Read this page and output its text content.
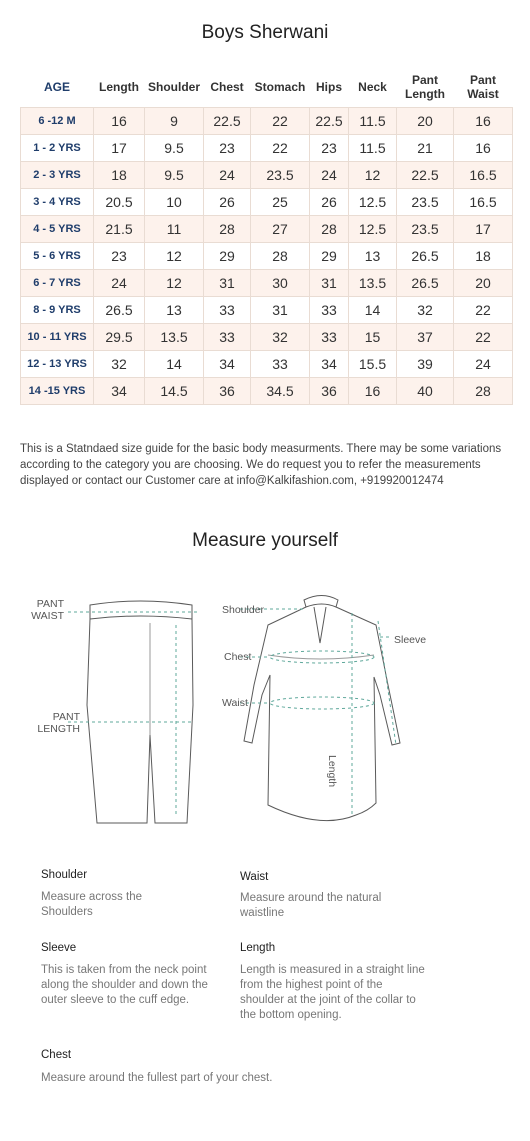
Boys Sherwani
AGE	Length	Shoulder	Chest	Stomach	Hips	Neck	Pant Length	Pant Waist
6 -12 M	16	9	22.5	22	22.5	11.5	20	16
1 - 2 YRS	17	9.5	23	22	23	11.5	21	16
2 - 3 YRS	18	9.5	24	23.5	24	12	22.5	16.5
3 - 4 YRS	20.5	10	26	25	26	12.5	23.5	16.5
4 - 5 YRS	21.5	11	28	27	28	12.5	23.5	17
5 - 6 YRS	23	12	29	28	29	13	26.5	18
6 - 7 YRS	24	12	31	30	31	13.5	26.5	20
8 - 9 YRS	26.5	13	33	31	33	14	32	22
10 - 11 YRS	29.5	13.5	33	32	33	15	37	22
12 - 13 YRS	32	14	34	33	34	15.5	39	24
14 -15 YRS	34	14.5	36	34.5	36	16	40	28
This is a Statndaed size guide for the basic body measurments. There may be some variations according to the category you are choosing. We do request you to refer the measurements displayed or contact our Customer care at info@Kalkifashion.com, +919920012474
Measure yourself
PANT
WAIST
PANT
LENGTH
Shoulder
Chest
Waist
Sleeve
Length
Shoulder
Measure across the Shoulders
Waist
Measure around the natural waistline
Sleeve
This is taken from the neck point along the shoulder and down the outer sleeve to the cuff edge.
Length
Length is measured in a straight line from the highest point of the shoulder at the joint of the collar to the bottom opening.
Chest
Measure around the fullest part of your chest.
